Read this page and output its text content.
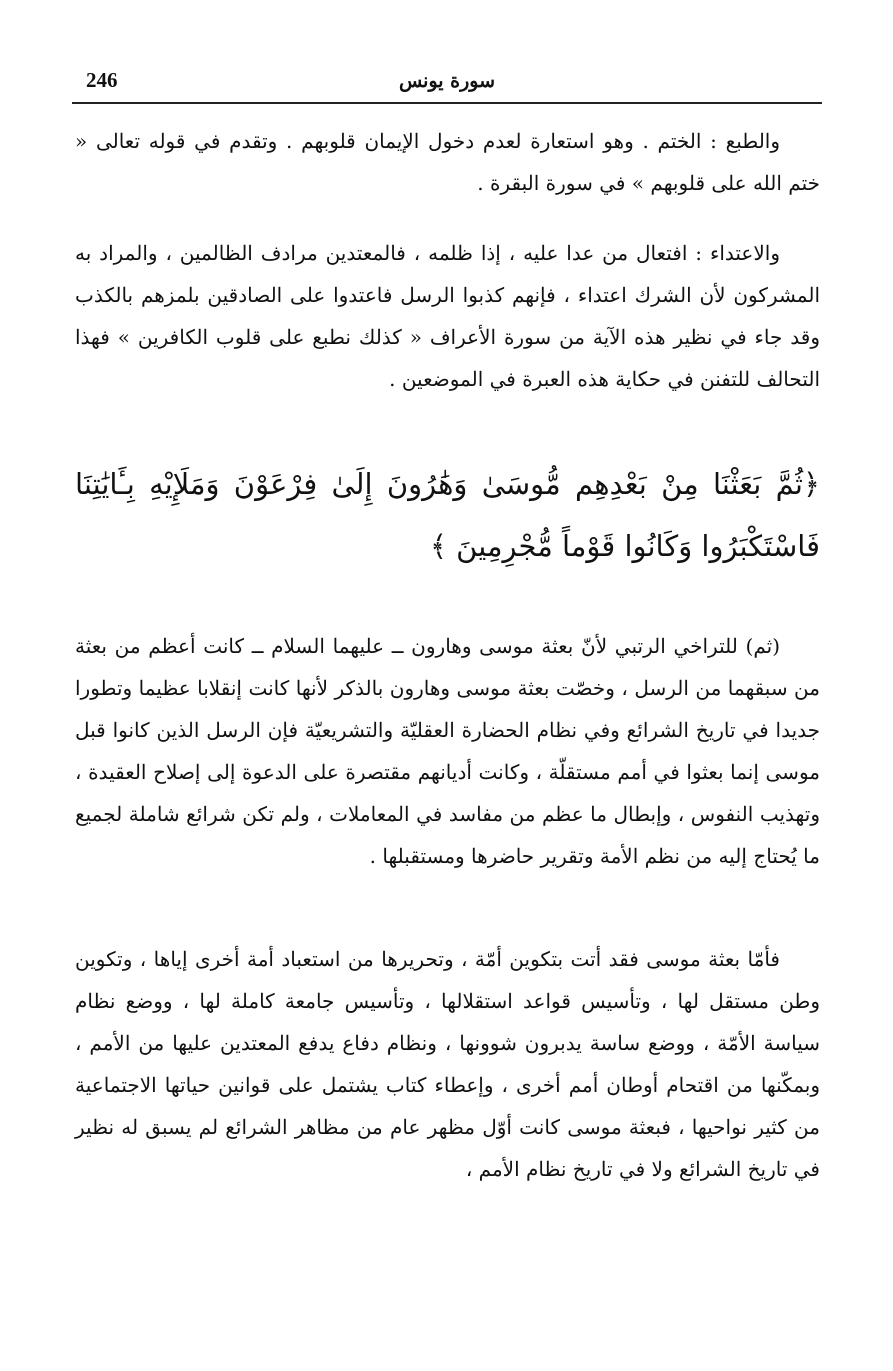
246	سورة يونس

والطبع : الختم . وهو استعارة لعدم دخول الإيمان قلوبهم . وتقدم في قوله تعالى « ختم الله على قلوبهم » في سورة البقرة .

والاعتداء : افتعال من عدا عليه ، إذا ظلمه ، فالمعتدين مرادف الظالمين ، والمراد به المشركون لأن الشرك اعتداء ، فإنهم كذبوا الرسل فاعتدوا على الصادقين بلمزهم بالكذب وقد جاء في نظير هذه الآية من سورة الأعراف « كذلك نطبع على قلوب الكافرين » فهذا التحالف للتفنن في حكاية هذه العبرة في الموضعين .

﴿ثُمَّ بَعَثْنَا مِنْ بَعْدِهِم مُّوسَىٰ وَهَٰرُونَ إِلَىٰ فِرْعَوْنَ وَمَلَإِيْهِ بِـَٔايَٰتِنَا فَاسْتَكْبَرُوا وَكَانُوا قَوْماً مُّجْرِمِينَ ﴾

(ثم) للتراخي الرتبي لأنّ بعثة موسى وهارون ــ عليهما السلام ــ كانت أعظم من بعثة من سبقهما من الرسل ، وخصّت بعثة موسى وهارون بالذكر لأنها كانت إنقلابا عظيما وتطورا جديدا في تاريخ الشرائع وفي نظام الحضارة العقليّة والتشريعيّة فإن الرسل الذين كانوا قبل موسى إنما بعثوا في أمم مستقلّة ، وكانت أديانهم مقتصرة على الدعوة إلى إصلاح العقيدة ، وتهذيب النفوس ، وإبطال ما عظم من مفاسد في المعاملات ، ولم تكن شرائع شاملة لجميع ما يُحتاج إليه من نظم الأمة وتقرير حاضرها ومستقبلها .

فأمّا بعثة موسى فقد أتت بتكوين أمّة ، وتحريرها من استعباد أمة أخرى إياها ، وتكوين وطن مستقل لها ، وتأسيس قواعد استقلالها ، وتأسيس جامعة كاملة لها ، ووضع نظام سياسة الأمّة ، ووضع ساسة يدبرون شوونها ، ونظام دفاع يدفع المعتدين عليها من الأمم ، وبمكّنها من اقتحام أوطان أمم أخرى ، وإعطاء كتاب يشتمل على قوانين حياتها الاجتماعية من كثير نواحيها ، فبعثة موسى كانت أوّل مظهر عام من مظاهر الشرائع لم يسبق له نظير في تاريخ الشرائع ولا في تاريخ نظام الأمم ،
